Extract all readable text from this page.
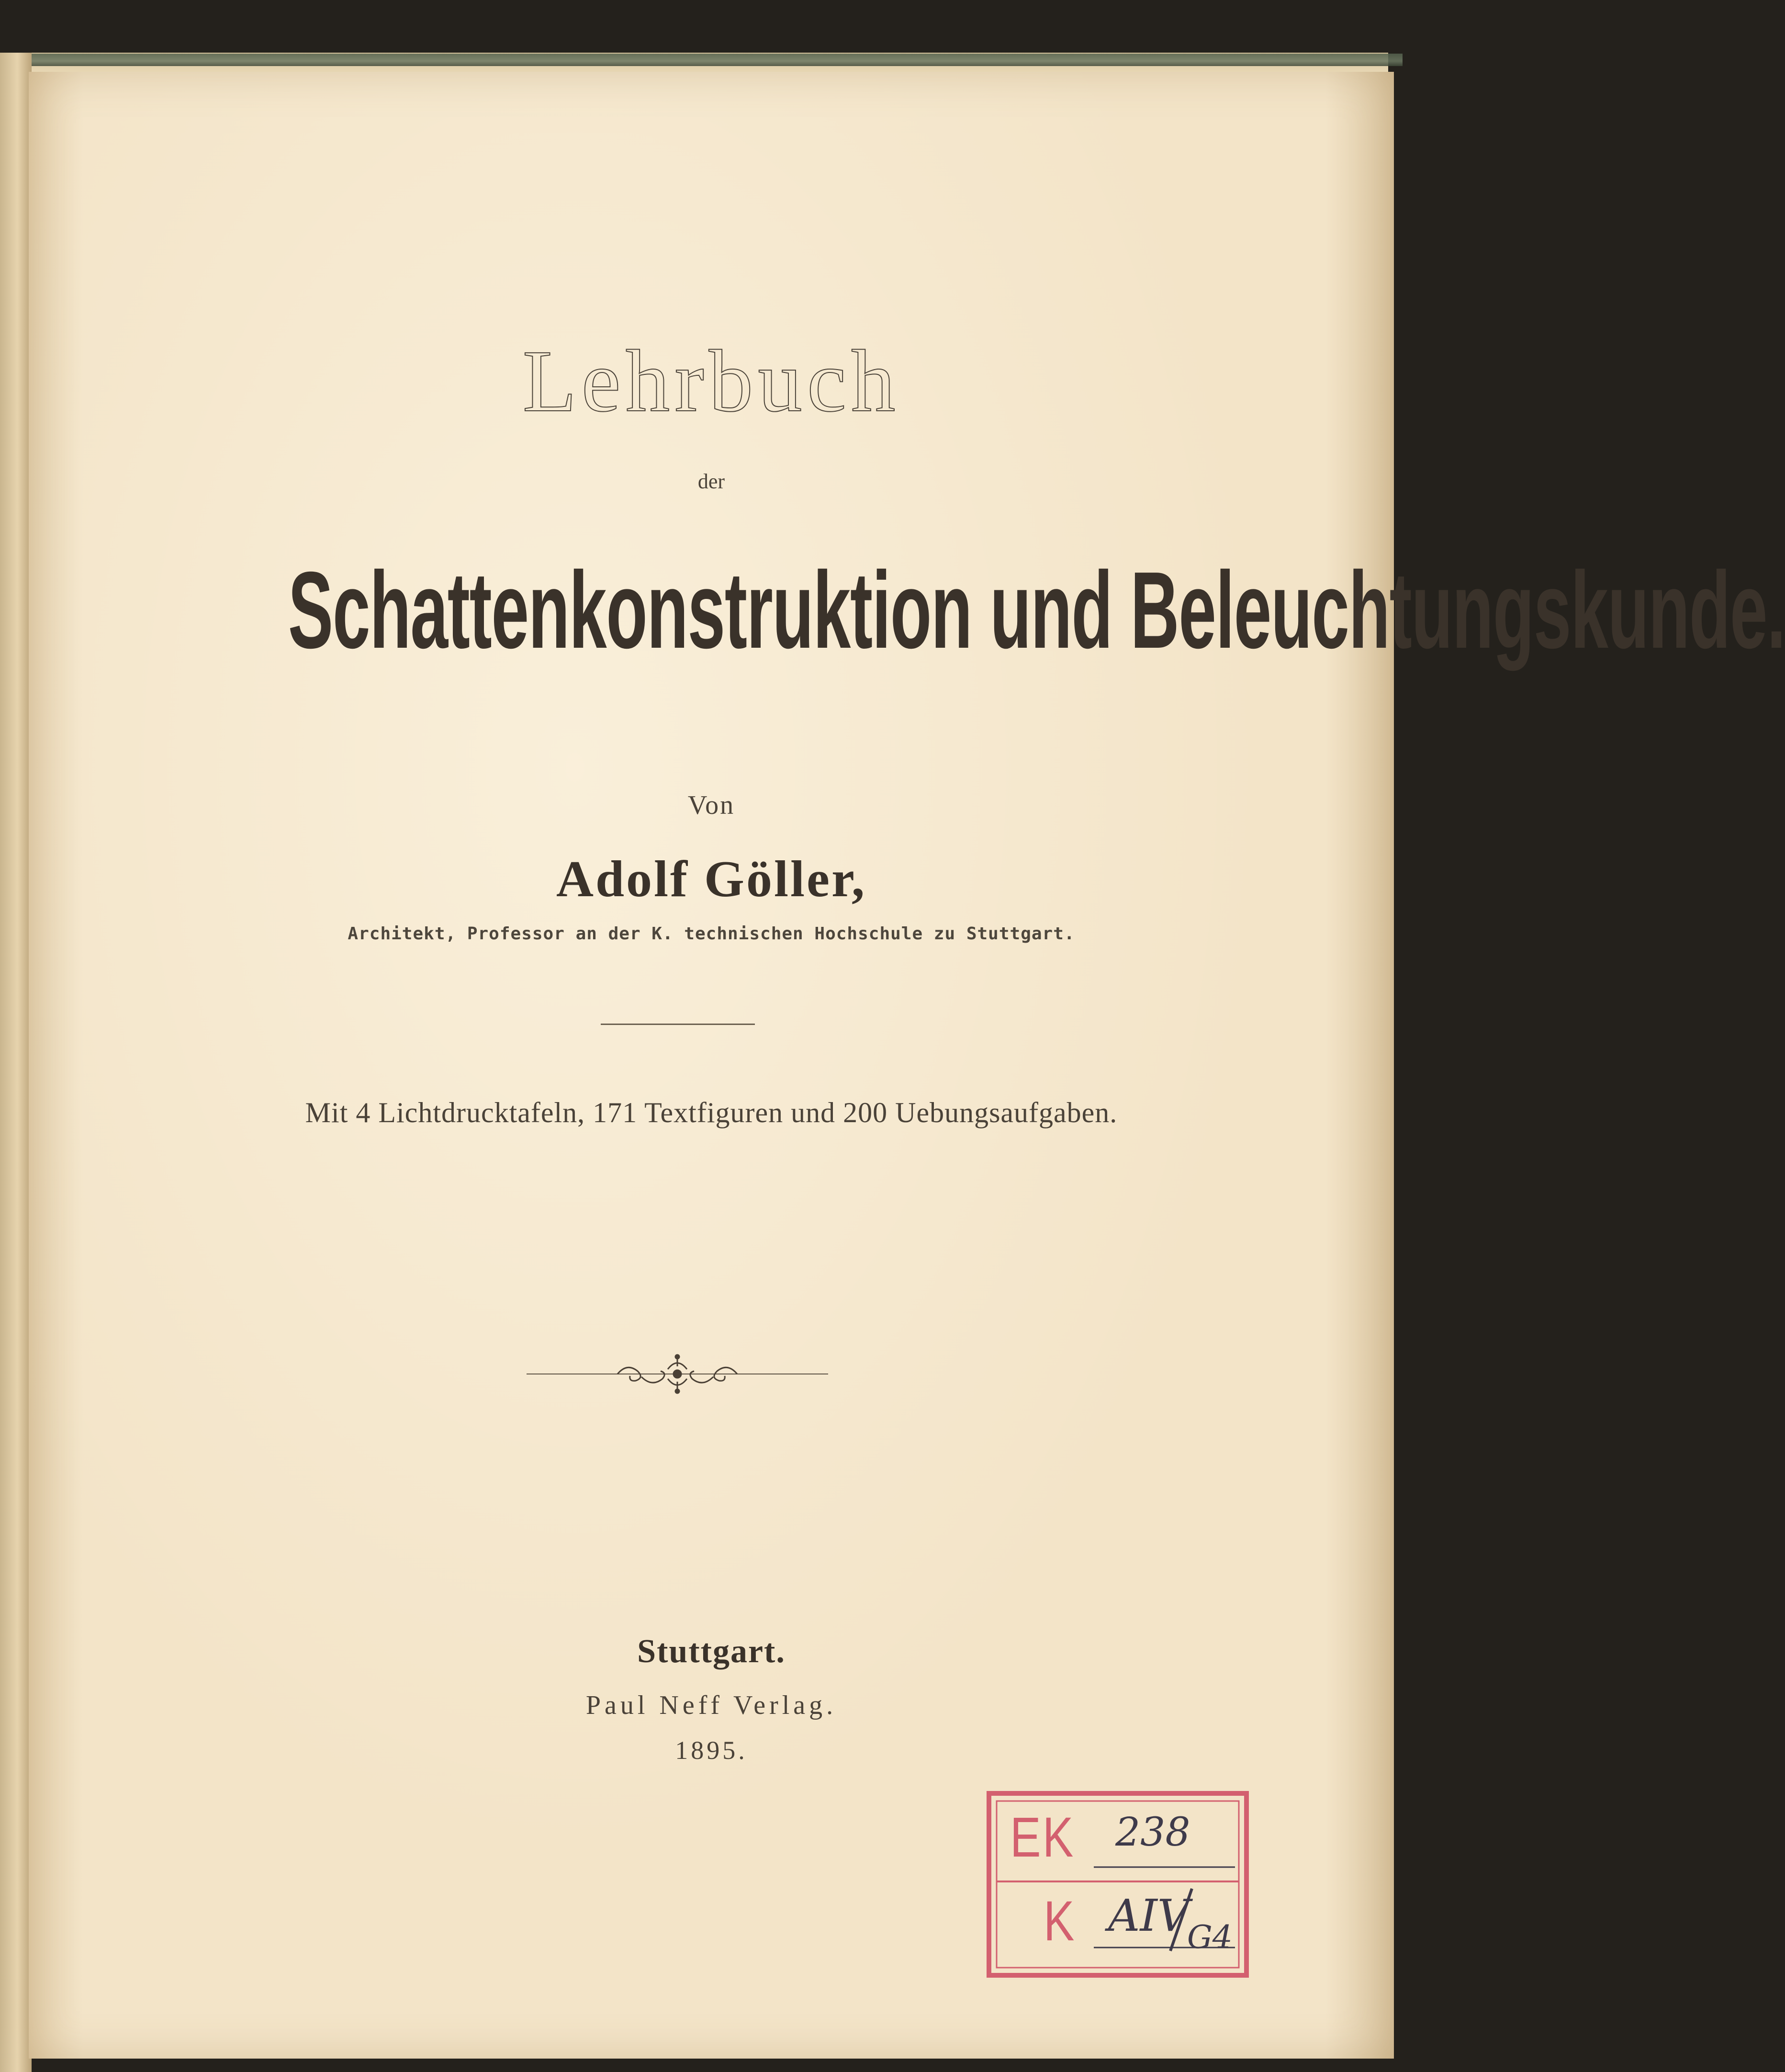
Lehrbuch
der
Schattenkonstruktion und Beleuchtungskunde.
Von
Adolf Göller,
Architekt, Professor an der K. technischen Hochschule zu Stuttgart.
Mit 4 Lichtdrucktafeln, 171 Textfiguren und 200 Uebungsaufgaben.
Stuttgart.
Paul Neff Verlag.
1895.
EK 238
K AIV
G4
